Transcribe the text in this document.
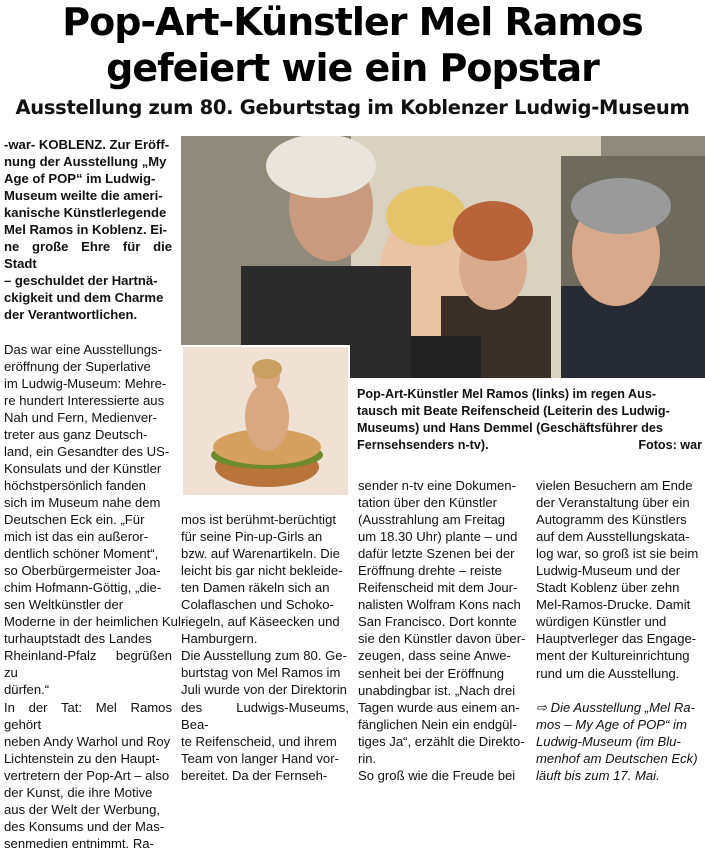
Pop-Art-Künstler Mel Ramos
gefeiert wie ein Popstar
Ausstellung zum 80. Geburtstag im Koblenzer Ludwig-Museum

-war- KOBLENZ. Zur Eröff-

nung der Ausstellung „My

Age of POP“ im Ludwig-

Museum weilte die ameri-

kanische Künstlerlegende

Mel Ramos in Koblenz. Ei-

ne große Ehre für die Stadt

– geschuldet der Hartnä-

ckigkeit und dem Charme

der Verantwortlichen.

Das war eine Ausstellungs-

eröffnung der Superlative

im Ludwig-Museum: Mehre-

re hundert Interessierte aus

Nah und Fern, Medienver-

treter aus ganz Deutsch-

land, ein Gesandter des US-

Konsulats und der Künstler

höchstpersönlich fanden

sich im Museum nahe dem

Deutschen Eck ein. „Für

mich ist das ein außeror-

dentlich schöner Moment“,

so Oberbürgermeister Joa-

chim Hofmann-Göttig, „die-

sen Weltkünstler der

Moderne in der heimlichen Kul-

turhauptstadt des Landes

Rheinland-Pfalz begrüßen zu

dürfen.“

In der Tat: Mel Ramos gehört

neben Andy Warhol und Roy

Lichtenstein zu den Haupt-

vertretern der Pop-Art – also

der Kunst, die ihre Motive

aus der Welt der Werbung,

des Konsums und der Mas-

senmedien entnimmt. Ra-

Pop-Art-Künstler Mel Ramos (links) im regen Aus-

tausch mit Beate Reifenscheid (Leiterin des Ludwig-

Museums) und Hans Demmel (Geschäftsführer des

Fernsehsenders n-tv).	Fotos: war

mos ist berühmt-berüchtigt

für seine Pin-up-Girls an

bzw. auf Warenartikeln. Die

leicht bis gar nicht bekleide-

ten Damen räkeln sich an

Colaflaschen und Schoko-

riegeln, auf Käseecken und

Hamburgern.

Die Ausstellung zum 80. Ge-

burtstag von Mel Ramos im

Juli wurde von der Direktorin

des Ludwigs-Museums, Bea-

te Reifenscheid, und ihrem

Team von langer Hand vor-

bereitet. Da der Fernseh-

sender n-tv eine Dokumen-

tation über den Künstler

(Ausstrahlung am Freitag

um 18.30 Uhr) plante – und

dafür letzte Szenen bei der

Eröffnung drehte – reiste

Reifenscheid mit dem Jour-

nalisten Wolfram Kons nach

San Francisco. Dort konnte

sie den Künstler davon über-

zeugen, dass seine Anwe-

senheit bei der Eröffnung

unabdingbar ist. „Nach drei

Tagen wurde aus einem an-

fänglichen Nein ein endgül-

tiges Ja“, erzählt die Direkto-

rin.

So groß wie die Freude bei

vielen Besuchern am Ende

der Veranstaltung über ein

Autogramm des Künstlers

auf dem Ausstellungskata-

log war, so groß ist sie beim

Ludwig-Museum und der

Stadt Koblenz über zehn

Mel-Ramos-Drucke. Damit

würdigen Künstler und

Hauptverleger das Engage-

ment der Kultureinrichtung

rund um die Ausstellung.

⇨ Die Ausstellung „Mel Ra-

mos – My Age of POP“ im

Ludwig-Museum (im Blu-

menhof am Deutschen Eck)

läuft bis zum 17. Mai.
